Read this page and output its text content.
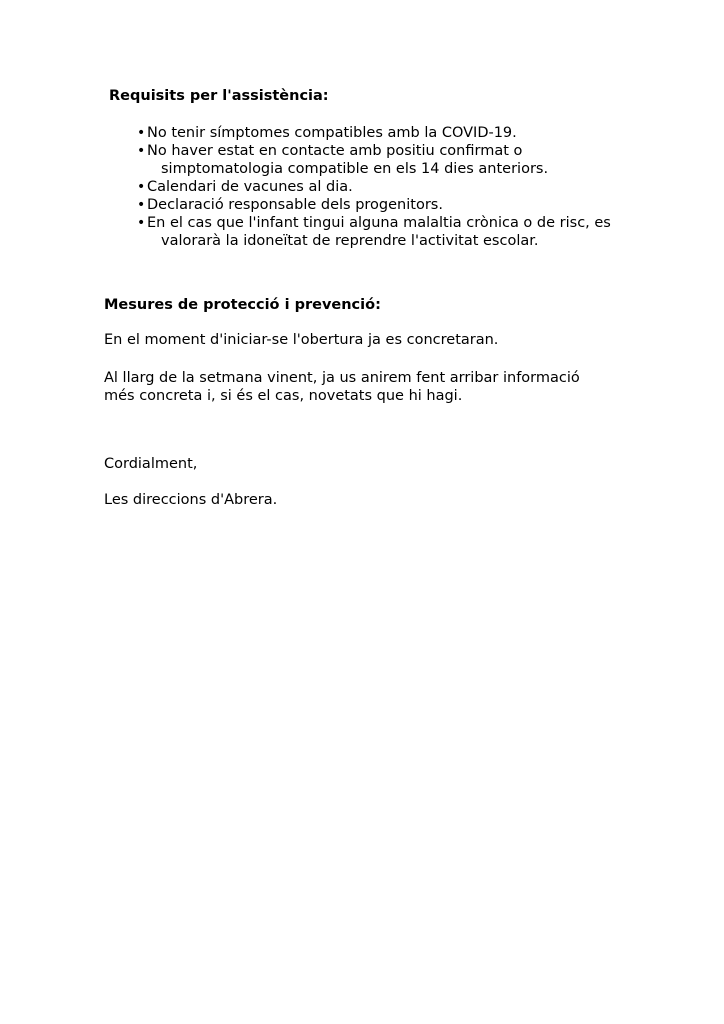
Requisits per l'assistència:
• No tenir símptomes compatibles amb la COVID-19.
• No haver estat en contacte amb positiu confirmat o
simptomatologia compatible en els 14 dies anteriors.
• Calendari de vacunes al dia.
• Declaració responsable dels progenitors.
• En el cas que l'infant tingui alguna malaltia crònica o de risc, es
valorarà la idoneïtat de reprendre l'activitat escolar.
Mesures de protecció i prevenció:
En el moment d'iniciar-se l'obertura ja es concretaran.
Al llarg de la setmana vinent, ja us anirem fent arribar informació
més concreta i, si és el cas, novetats que hi hagi.
Cordialment,
Les direccions d'Abrera.
